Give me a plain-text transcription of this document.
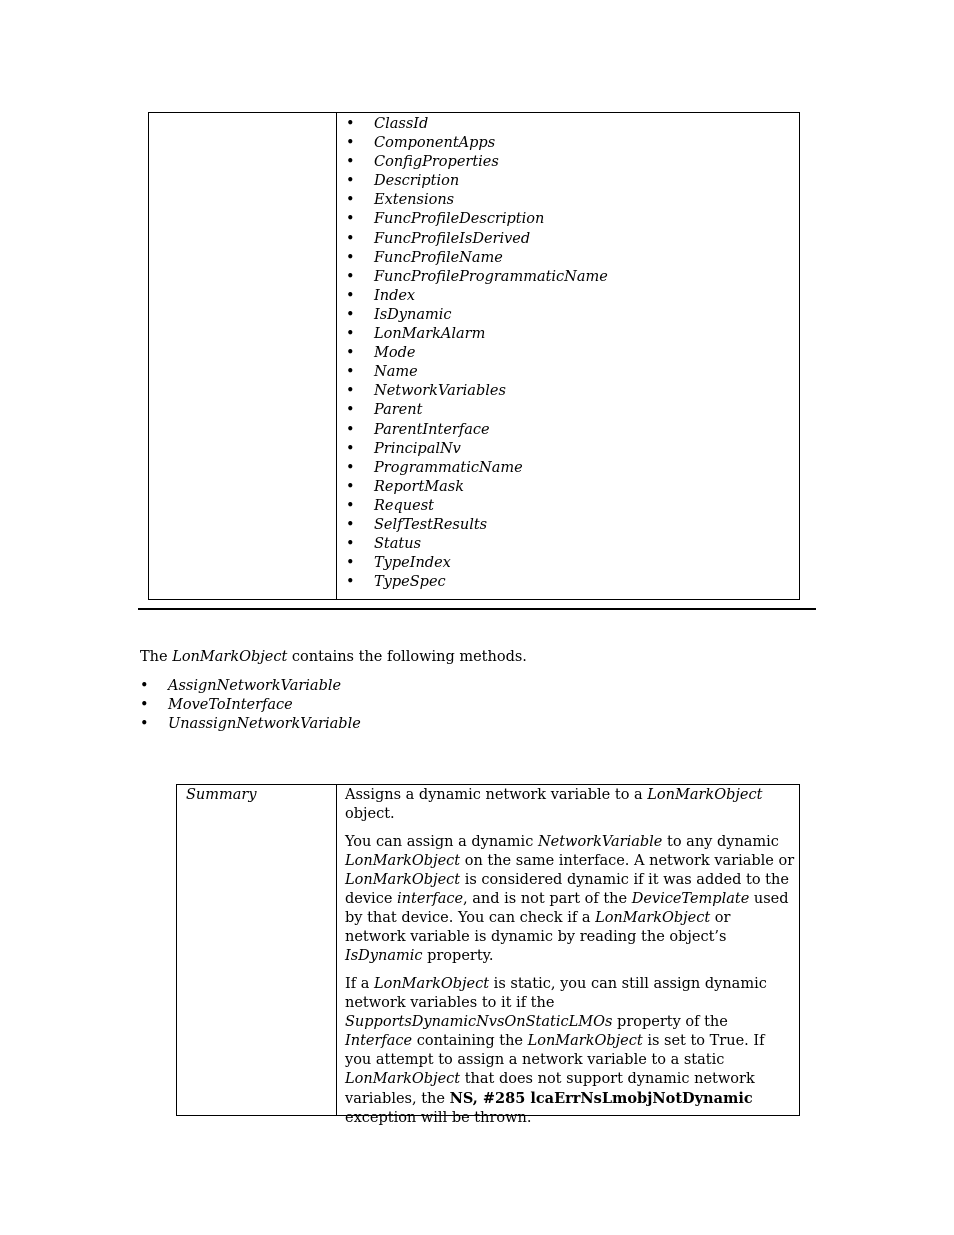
• ClassId
• ComponentApps
• ConfigProperties
• Description
• Extensions
• FuncProfileDescription
• FuncProfileIsDerived
• FuncProfileName
• FuncProfileProgrammaticName
• Index
• IsDynamic
• LonMarkAlarm
• Mode
• Name
• NetworkVariables
• Parent
• ParentInterface
• PrincipalNv
• ProgrammaticName
• ReportMask
• Request
• SelfTestResults
• Status
• TypeIndex
• TypeSpec
The LonMarkObject contains the following methods.
• AssignNetworkVariable
• MoveToInterface
• UnassignNetworkVariable
Summary	Assigns a dynamic network variable to a LonMarkObject object.

You can assign a dynamic NetworkVariable to any dynamic LonMarkObject on the same interface. A network variable or LonMarkObject is considered dynamic if it was added to the device interface, and is not part of the DeviceTemplate used by that device. You can check if a LonMarkObject or network variable is dynamic by reading the object’s IsDynamic property.

If a LonMarkObject is static, you can still assign dynamic network variables to it if the SupportsDynamicNvsOnStaticLMOs property of the Interface containing the LonMarkObject is set to True. If you attempt to assign a network variable to a static LonMarkObject that does not support dynamic network variables, the NS, #285 lcaErrNsLmobjNotDynamic exception will be thrown.
